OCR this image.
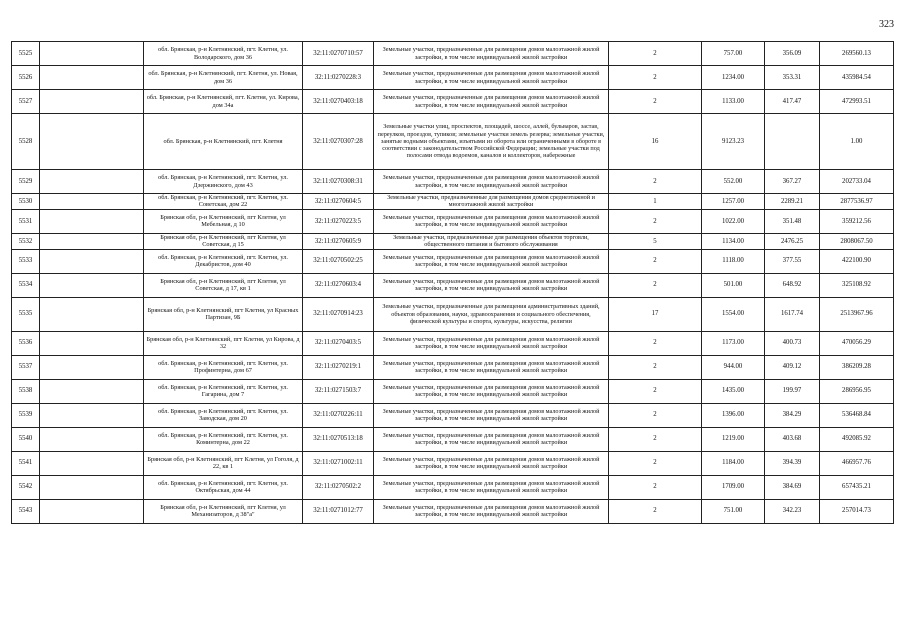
323
5525		обл. Брянская, р-н Клетнянский, пгт. Клетня, ул. Володарского, дом 36	32:11:0270710:57	Земельные участки, предназначенные для размещения домов малоэтажной жилой застройки, в том числе индивидуальной жилой застройки	2	757.00	356.09	269560.13
5526		обл. Брянская, р-н Клетнянский, пгт. Клетня, ул. Новая, дом 36	32:11:0270228:3	Земельные участки, предназначенные для размещения домов малоэтажной жилой застройки, в том числе индивидуальной жилой застройки	2	1234.00	353.31	435984.54
5527		обл. Брянская, р-н Клетнянский, пгт. Клетня, ул. Кирова, дом 34а	32:11:0270403:18	Земельные участки, предназначенные для размещения домов малоэтажной жилой застройки, в том числе индивидуальной жилой застройки	2	1133.00	417.47	472993.51
5528		обл. Брянская, р-н Клетнянский, пгт. Клетня	32:11:0270307:28	Земельные участки улиц, проспектов, площадей, шоссе, аллей, бульваров, застав, переулков, проездов, тупиков; земельные участки земель резерва; земельные участки, занятые водными объектами, изъятыми из оборота или ограниченными в обороте в соответствии с законодательством Российской Федерации; земельные участки под полосами отвода водоемов, каналов и коллекторов, набережные	16	9123.23		1.00
5529		обл. Брянская, р-н Клетнянский, пгт. Клетня, ул. Дзержинского, дом 43	32:11:0270308:31	Земельные участки, предназначенные для размещения домов малоэтажной жилой застройки, в том числе индивидуальной жилой застройки	2	552.00	367.27	202733.04
5530		обл. Брянская, р-н Клетнянский, пгт. Клетня, ул. Советская, дом 22	32:11:0270604:5	Земельные участки, предназначенные для размещения домов среднеэтажной и многоэтажной жилой застройки	1	1257.00	2289.21	2877536.97
5531		Брянская обл, р-н Клетнянский, пгт Клетня, ул Мебельная, д 10	32:11:0270223:5	Земельные участки, предназначенные для размещения домов малоэтажной жилой застройки, в том числе индивидуальной жилой застройки	2	1022.00	351.48	359212.56
5532		Брянская обл, р-н Клетнянский, пгт Клетня, ул Советская, д 15	32:11:0270605:9	Земельные участки, предназначенные для размещения объектов торговли, общественного питания и бытового обслуживания	5	1134.00	2476.25	2808067.50
5533		обл. Брянская, р-н Клетнянский, пгт. Клетня, ул. Декабристов, дом 40	32:11:0270502:25	Земельные участки, предназначенные для размещения домов малоэтажной жилой застройки, в том числе индивидуальной жилой застройки	2	1118.00	377.55	422100.90
5534		Брянская обл, р-н Клетнянский, пгт Клетня, ул Советская, д 17, кв 1	32:11:0270603:4	Земельные участки, предназначенные для размещения домов малоэтажной жилой застройки, в том числе индивидуальной жилой застройки	2	501.00	648.92	325108.92
5535		Брянская обл, р-н Клетнянский, пгт Клетня, ул Красных Партизан, 9Б	32:11:0270914:23	Земельные участки, предназначенные для размещения административных зданий, объектов образования, науки, здравоохранения и социального обеспечения, физической культуры и спорта, культуры, искусства, религии	17	1554.00	1617.74	2513967.96
5536		Брянская обл, р-н Клетнянский, пгт Клетня, ул Кирова, д 32	32:11:0270403:5	Земельные участки, предназначенные для размещения домов малоэтажной жилой застройки, в том числе индивидуальной жилой застройки	2	1173.00	400.73	470056.29
5537		обл. Брянская, р-н Клетнянский, пгт. Клетня, ул. Профинтерна, дом 67	32:11:0270219:1	Земельные участки, предназначенные для размещения домов малоэтажной жилой застройки, в том числе индивидуальной жилой застройки	2	944.00	409.12	386209.28
5538		обл. Брянская, р-н Клетнянский, пгт. Клетня, ул. Гагарина, дом 7	32:11:0271503:7	Земельные участки, предназначенные для размещения домов малоэтажной жилой застройки, в том числе индивидуальной жилой застройки	2	1435.00	199.97	286956.95
5539		обл. Брянская, р-н Клетнянский, пгт. Клетня, ул. Заводская, дом 20	32:11:0270226:11	Земельные участки, предназначенные для размещения домов малоэтажной жилой застройки, в том числе индивидуальной жилой застройки	2	1396.00	384.29	536468.84
5540		обл. Брянская, р-н Клетнянский, пгт. Клетня, ул. Коминтерна, дом 22	32:11:0270513:18	Земельные участки, предназначенные для размещения домов малоэтажной жилой застройки, в том числе индивидуальной жилой застройки	2	1219.00	403.68	492085.92
5541		Брянская обл, р-н Клетнянский, пгт Клетня, ул Гоголя, д 22, кв 1	32:11:0271002:11	Земельные участки, предназначенные для размещения домов малоэтажной жилой застройки, в том числе индивидуальной жилой застройки	2	1184.00	394.39	466957.76
5542		обл. Брянская, р-н Клетнянский, пгт. Клетня, ул. Октябрьская, дом 44	32:11:0270502:2	Земельные участки, предназначенные для размещения домов малоэтажной жилой застройки, в том числе индивидуальной жилой застройки	2	1709.00	384.69	657435.21
5543		Брянская обл, р-н Клетнянский, пгт Клетня, ул Механизаторов, д 38"а"	32:11:0271012:77	Земельные участки, предназначенные для размещения домов малоэтажной жилой застройки, в том числе индивидуальной жилой застройки	2	751.00	342.23	257014.73
